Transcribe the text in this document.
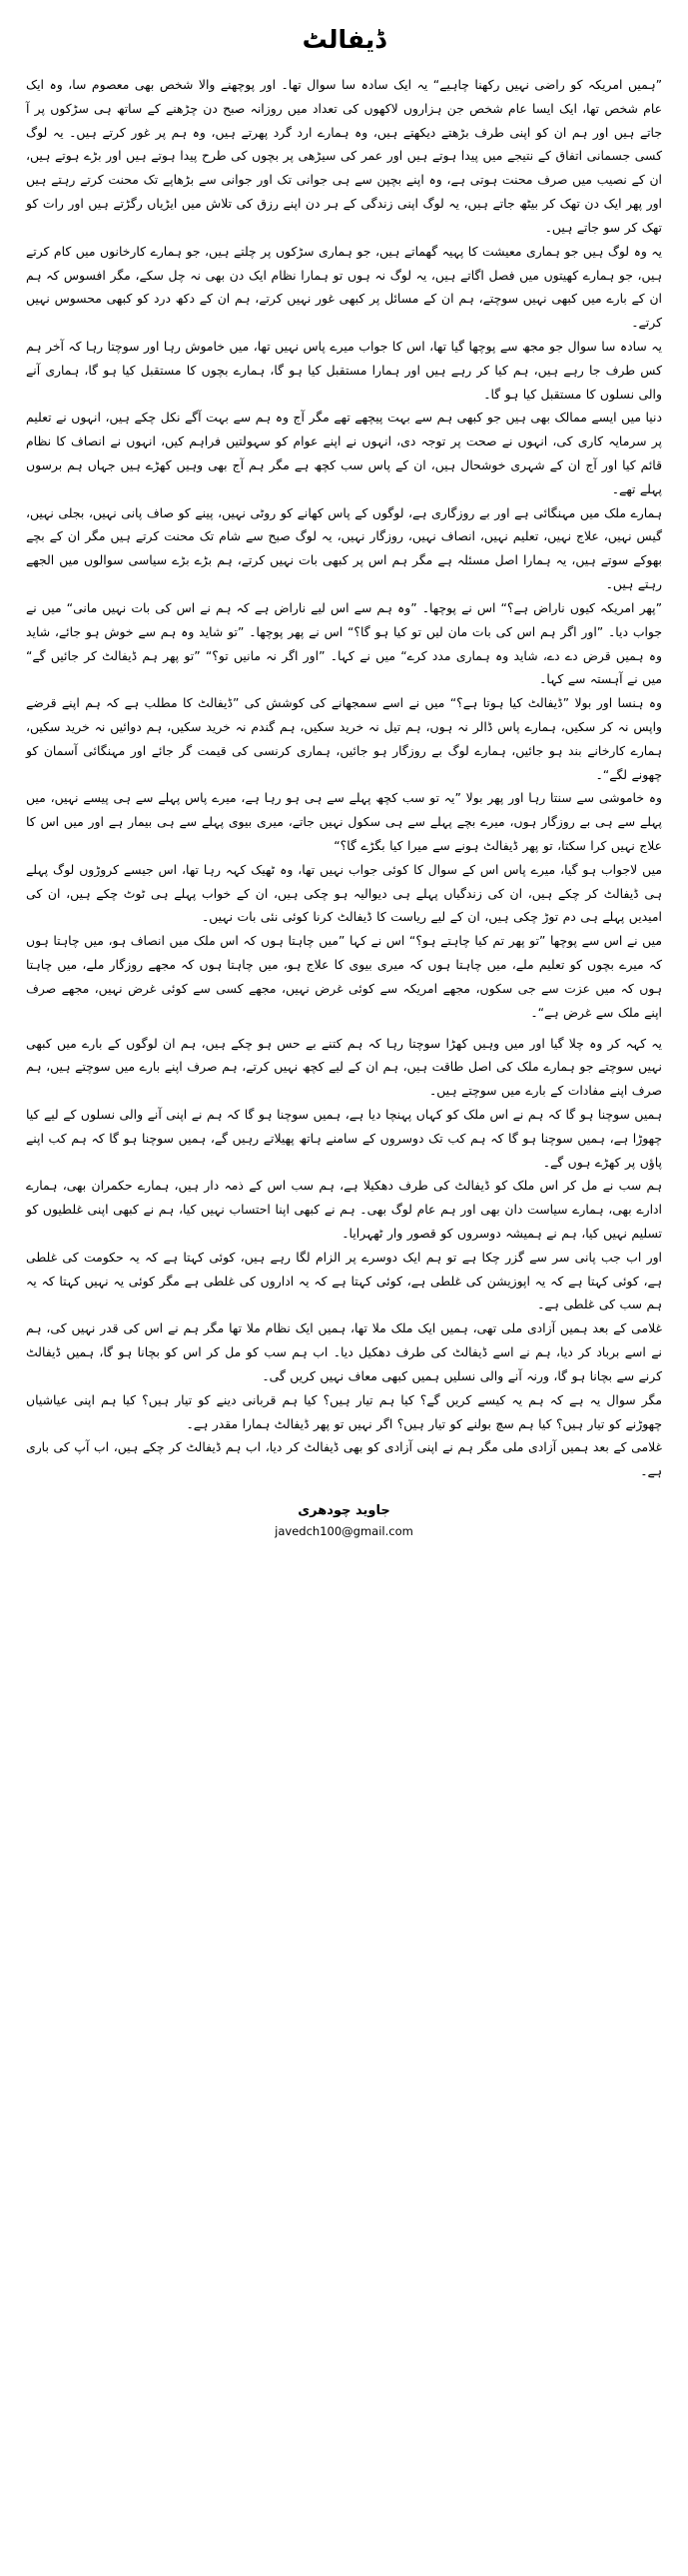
ڈیفالٹ

”ہمیں امریکہ کو راضی نہیں رکھنا چاہیے“ یہ ایک سادہ سا سوال تھا۔ اور پوچھنے والا شخص بھی معصوم سا، وہ ایک عام شخص تھا، ایک ایسا عام شخص جن ہزاروں لاکھوں کی تعداد میں روزانہ صبح دن چڑھنے کے ساتھ ہی سڑکوں پر آ جاتے ہیں اور ہم ان کو اپنی طرف بڑھتے دیکھتے ہیں، وہ ہمارے ارد گرد پھرتے ہیں، وہ ہم پر غور کرتے ہیں۔ یہ لوگ کسی جسمانی اتفاق کے نتیجے میں پیدا ہوتے ہیں اور عمر کی سیڑھی پر بچوں کی طرح پیدا ہوتے ہیں اور بڑے ہوتے ہیں، ان کے نصیب میں صرف محنت ہوتی ہے، وہ اپنے بچپن سے ہی جوانی تک اور جوانی سے بڑھاپے تک محنت کرتے رہتے ہیں اور پھر ایک دن تھک کر بیٹھ جاتے ہیں، یہ لوگ اپنی زندگی کے ہر دن اپنے رزق کی تلاش میں ایڑیاں رگڑتے ہیں اور رات کو تھک کر سو جاتے ہیں۔

یہ وہ لوگ ہیں جو ہماری معیشت کا پہیہ گھماتے ہیں، جو ہماری سڑکوں پر چلتے ہیں، جو ہمارے کارخانوں میں کام کرتے ہیں، جو ہمارے کھیتوں میں فصل اگاتے ہیں، یہ لوگ نہ ہوں تو ہمارا نظام ایک دن بھی نہ چل سکے، مگر افسوس کہ ہم ان کے بارے میں کبھی نہیں سوچتے، ہم ان کے مسائل پر کبھی غور نہیں کرتے، ہم ان کے دکھ درد کو کبھی محسوس نہیں کرتے۔

یہ سادہ سا سوال جو مجھ سے پوچھا گیا تھا، اس کا جواب میرے پاس نہیں تھا، میں خاموش رہا اور سوچتا رہا کہ آخر ہم کس طرف جا رہے ہیں، ہم کیا کر رہے ہیں اور ہمارا مستقبل کیا ہو گا، ہمارے بچوں کا مستقبل کیا ہو گا، ہماری آنے والی نسلوں کا مستقبل کیا ہو گا۔

دنیا میں ایسے ممالک بھی ہیں جو کبھی ہم سے بہت پیچھے تھے مگر آج وہ ہم سے بہت آگے نکل چکے ہیں، انہوں نے تعلیم پر سرمایہ کاری کی، انہوں نے صحت پر توجہ دی، انہوں نے اپنے عوام کو سہولتیں فراہم کیں، انہوں نے انصاف کا نظام قائم کیا اور آج ان کے شہری خوشحال ہیں، ان کے پاس سب کچھ ہے مگر ہم آج بھی وہیں کھڑے ہیں جہاں ہم برسوں پہلے تھے۔

ہمارے ملک میں مہنگائی ہے اور بے روزگاری ہے، لوگوں کے پاس کھانے کو روٹی نہیں، پینے کو صاف پانی نہیں، بجلی نہیں، گیس نہیں، علاج نہیں، تعلیم نہیں، انصاف نہیں، روزگار نہیں، یہ لوگ صبح سے شام تک محنت کرتے ہیں مگر ان کے بچے بھوکے سوتے ہیں، یہ ہمارا اصل مسئلہ ہے مگر ہم اس پر کبھی بات نہیں کرتے، ہم بڑے بڑے سیاسی سوالوں میں الجھے رہتے ہیں۔

”پھر امریکہ کیوں ناراض ہے؟“ اس نے پوچھا۔ ”وہ ہم سے اس لیے ناراض ہے کہ ہم نے اس کی بات نہیں مانی“ میں نے جواب دیا۔ ”اور اگر ہم اس کی بات مان لیں تو کیا ہو گا؟“ اس نے پھر پوچھا۔ ”تو شاید وہ ہم سے خوش ہو جائے، شاید وہ ہمیں قرض دے دے، شاید وہ ہماری مدد کرے“ میں نے کہا۔ ”اور اگر نہ مانیں تو؟“ ”تو پھر ہم ڈیفالٹ کر جائیں گے“ میں نے آہستہ سے کہا۔

وہ ہنسا اور بولا ”ڈیفالٹ کیا ہوتا ہے؟“ میں نے اسے سمجھانے کی کوشش کی ”ڈیفالٹ کا مطلب ہے کہ ہم اپنے قرضے واپس نہ کر سکیں، ہمارے پاس ڈالر نہ ہوں، ہم تیل نہ خرید سکیں، ہم گندم نہ خرید سکیں، ہم دوائیں نہ خرید سکیں، ہمارے کارخانے بند ہو جائیں، ہمارے لوگ بے روزگار ہو جائیں، ہماری کرنسی کی قیمت گر جائے اور مہنگائی آسمان کو چھونے لگے“۔

وہ خاموشی سے سنتا رہا اور پھر بولا ”یہ تو سب کچھ پہلے سے ہی ہو رہا ہے، میرے پاس پہلے سے ہی پیسے نہیں، میں پہلے سے ہی بے روزگار ہوں، میرے بچے پہلے سے ہی سکول نہیں جاتے، میری بیوی پہلے سے ہی بیمار ہے اور میں اس کا علاج نہیں کرا سکتا، تو پھر ڈیفالٹ ہونے سے میرا کیا بگڑے گا؟“

میں لاجواب ہو گیا، میرے پاس اس کے سوال کا کوئی جواب نہیں تھا، وہ ٹھیک کہہ رہا تھا، اس جیسے کروڑوں لوگ پہلے ہی ڈیفالٹ کر چکے ہیں، ان کی زندگیاں پہلے ہی دیوالیہ ہو چکی ہیں، ان کے خواب پہلے ہی ٹوٹ چکے ہیں، ان کی امیدیں پہلے ہی دم توڑ چکی ہیں، ان کے لیے ریاست کا ڈیفالٹ کرنا کوئی نئی بات نہیں۔

میں نے اس سے پوچھا ”تو پھر تم کیا چاہتے ہو؟“ اس نے کہا ”میں چاہتا ہوں کہ اس ملک میں انصاف ہو، میں چاہتا ہوں کہ میرے بچوں کو تعلیم ملے، میں چاہتا ہوں کہ میری بیوی کا علاج ہو، میں چاہتا ہوں کہ مجھے روزگار ملے، میں چاہتا ہوں کہ میں عزت سے جی سکوں، مجھے امریکہ سے کوئی غرض نہیں، مجھے کسی سے کوئی غرض نہیں، مجھے صرف اپنے ملک سے غرض ہے“۔

یہ کہہ کر وہ چلا گیا اور میں وہیں کھڑا سوچتا رہا کہ ہم کتنے بے حس ہو چکے ہیں، ہم ان لوگوں کے بارے میں کبھی نہیں سوچتے جو ہمارے ملک کی اصل طاقت ہیں، ہم ان کے لیے کچھ نہیں کرتے، ہم صرف اپنے بارے میں سوچتے ہیں، ہم صرف اپنے مفادات کے بارے میں سوچتے ہیں۔

ہمیں سوچنا ہو گا کہ ہم نے اس ملک کو کہاں پہنچا دیا ہے، ہمیں سوچنا ہو گا کہ ہم نے اپنی آنے والی نسلوں کے لیے کیا چھوڑا ہے، ہمیں سوچنا ہو گا کہ ہم کب تک دوسروں کے سامنے ہاتھ پھیلاتے رہیں گے، ہمیں سوچنا ہو گا کہ ہم کب اپنے پاؤں پر کھڑے ہوں گے۔

ہم سب نے مل کر اس ملک کو ڈیفالٹ کی طرف دھکیلا ہے، ہم سب اس کے ذمہ دار ہیں، ہمارے حکمران بھی، ہمارے ادارے بھی، ہمارے سیاست دان بھی اور ہم عام لوگ بھی۔ ہم نے کبھی اپنا احتساب نہیں کیا، ہم نے کبھی اپنی غلطیوں کو تسلیم نہیں کیا، ہم نے ہمیشہ دوسروں کو قصور وار ٹھہرایا۔

اور اب جب پانی سر سے گزر چکا ہے تو ہم ایک دوسرے پر الزام لگا رہے ہیں، کوئی کہتا ہے کہ یہ حکومت کی غلطی ہے، کوئی کہتا ہے کہ یہ اپوزیشن کی غلطی ہے، کوئی کہتا ہے کہ یہ اداروں کی غلطی ہے مگر کوئی یہ نہیں کہتا کہ یہ ہم سب کی غلطی ہے۔

غلامی کے بعد ہمیں آزادی ملی تھی، ہمیں ایک ملک ملا تھا، ہمیں ایک نظام ملا تھا مگر ہم نے اس کی قدر نہیں کی، ہم نے اسے برباد کر دیا، ہم نے اسے ڈیفالٹ کی طرف دھکیل دیا۔ اب ہم سب کو مل کر اس کو بچانا ہو گا، ہمیں ڈیفالٹ کرنے سے بچانا ہو گا، ورنہ آنے والی نسلیں ہمیں کبھی معاف نہیں کریں گی۔

مگر سوال یہ ہے کہ ہم یہ کیسے کریں گے؟ کیا ہم تیار ہیں؟ کیا ہم قربانی دینے کو تیار ہیں؟ کیا ہم اپنی عیاشیاں چھوڑنے کو تیار ہیں؟ کیا ہم سچ بولنے کو تیار ہیں؟ اگر نہیں تو پھر ڈیفالٹ ہمارا مقدر ہے۔

غلامی کے بعد ہمیں آزادی ملی مگر ہم نے اپنی آزادی کو بھی ڈیفالٹ کر دیا، اب ہم ڈیفالٹ کر چکے ہیں، اب آپ کی باری ہے۔

جاوید چودھری
javedch100@gmail.com
